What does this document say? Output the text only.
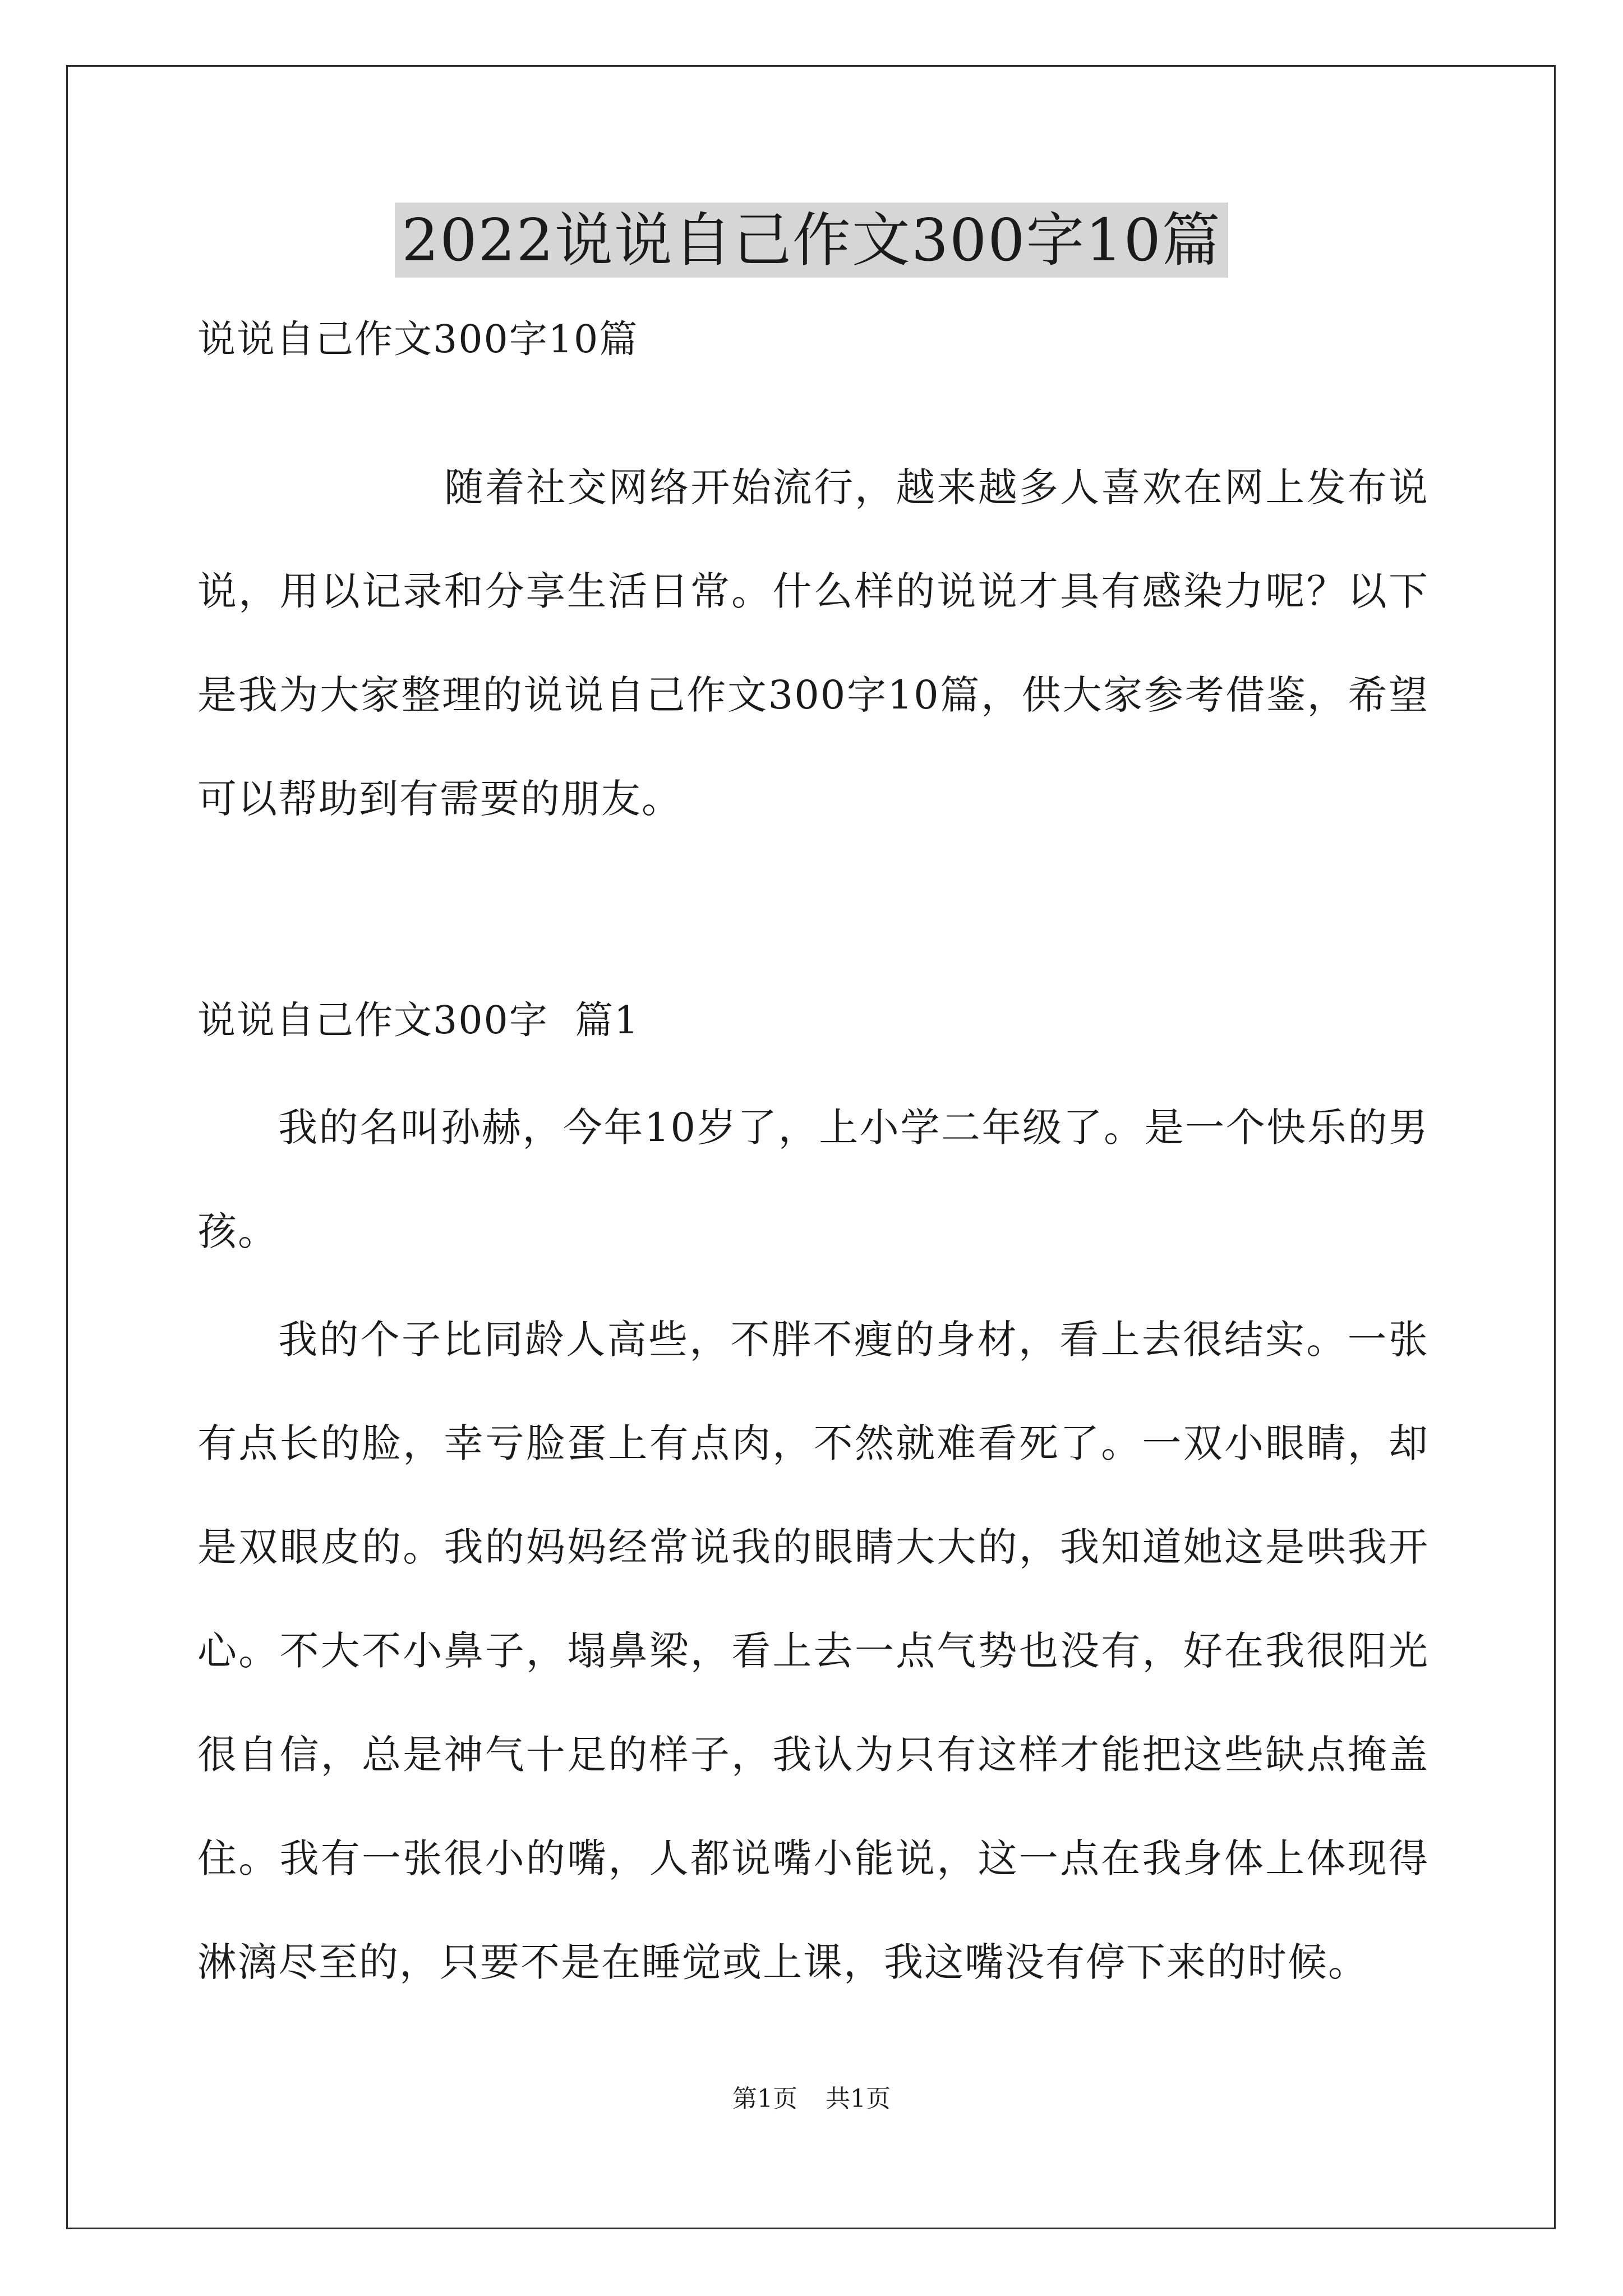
2022说说自己作文300字10篇
说说自己作文300字10篇
随着社交网络开始流行，越来越多人喜欢在网上发布说说，用以记录和分享生活日常。什么样的说说才具有感染力呢？以下是我为大家整理的说说自己作文300字10篇，供大家参考借鉴，希望可以帮助到有需要的朋友。
说说自己作文300字  篇1
我的名叫孙赫，今年10岁了，上小学二年级了。是一个快乐的男孩。
我的个子比同龄人高些，不胖不瘦的身材，看上去很结实。一张有点长的脸，幸亏脸蛋上有点肉，不然就难看死了。一双小眼睛，却是双眼皮的。我的妈妈经常说我的眼睛大大的，我知道她这是哄我开心。不大不小鼻子，塌鼻梁，看上去一点气势也没有，好在我很阳光很自信，总是神气十足的样子，我认为只有这样才能把这些缺点掩盖住。我有一张很小的嘴，人都说嘴小能说，这一点在我身体上体现得淋漓尽至的，只要不是在睡觉或上课，我这嘴没有停下来的时候。
第1页 共1页
